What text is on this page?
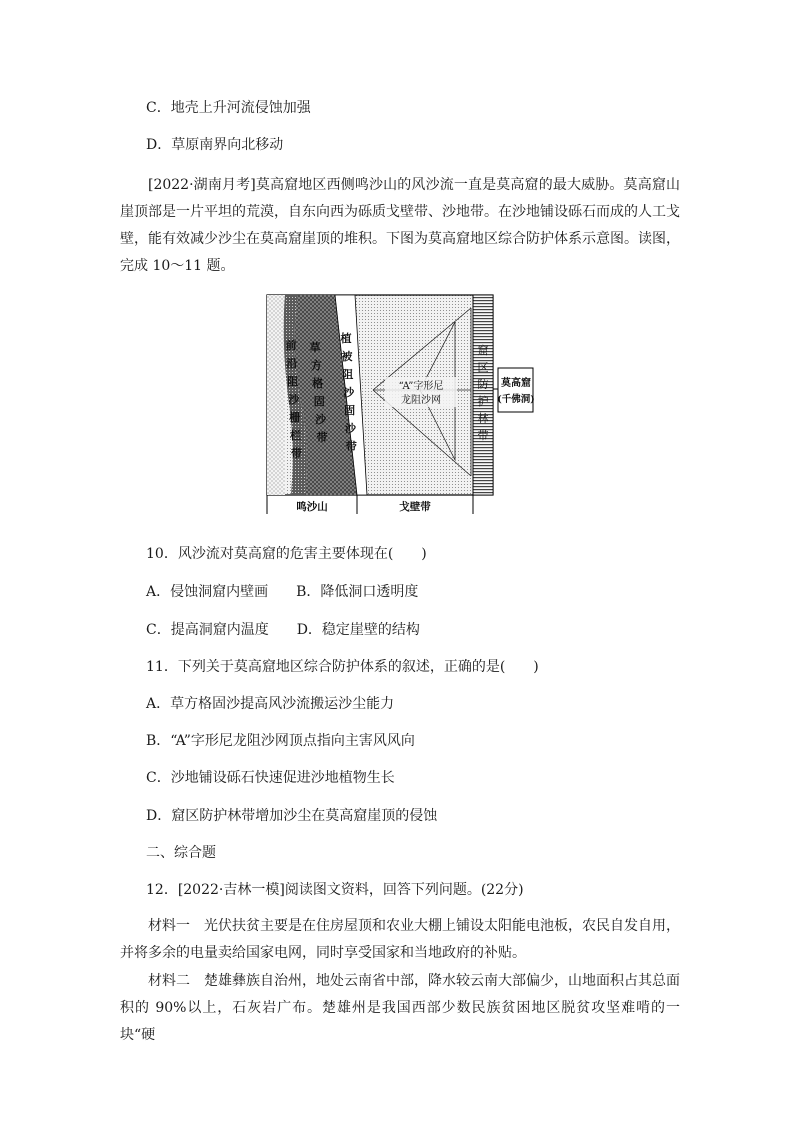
C．地壳上升河流侵蚀加强
D．草原南界向北移动
[2022·湖南月考]莫高窟地区西侧鸣沙山的风沙流一直是莫高窟的最大威胁。莫高窟山崖顶部是一片平坦的荒漠，自东向西为砾质戈壁带、沙地带。在沙地铺设砾石而成的人工戈壁，能有效减少沙尘在莫高窟崖顶的堆积。下图为莫高窟地区综合防护体系示意图。读图，完成 10～11 题。
前
沿
阻
沙
栅
栏
带
草
方
格
固
沙
带
植
被
阻
沙
固
沙
带
窟
区
防
护
林
带
“A”字形尼
龙阻沙网
莫高窟
(千佛洞)
鸣沙山	戈壁带
10．风沙流对莫高窟的危害主要体现在(　　)
A．侵蚀洞窟内壁画　　B．降低洞口透明度
C．提高洞窟内温度　　D．稳定崖壁的结构
11．下列关于莫高窟地区综合防护体系的叙述，正确的是(　　)
A．草方格固沙提高风沙流搬运沙尘能力
B．“A”字形尼龙阻沙网顶点指向主害风风向
C．沙地铺设砾石快速促进沙地植物生长
D．窟区防护林带增加沙尘在莫高窟崖顶的侵蚀
二、综合题
12．[2022·吉林一模]阅读图文资料，回答下列问题。(22分)
材料一　光伏扶贫主要是在住房屋顶和农业大棚上铺设太阳能电池板，农民自发自用，并将多余的电量卖给国家电网，同时享受国家和当地政府的补贴。
材料二　楚雄彝族自治州，地处云南省中部，降水较云南大部偏少，山地面积占其总面积的 90%以上，石灰岩广布。楚雄州是我国西部少数民族贫困地区脱贫攻坚难啃的一块“硬
